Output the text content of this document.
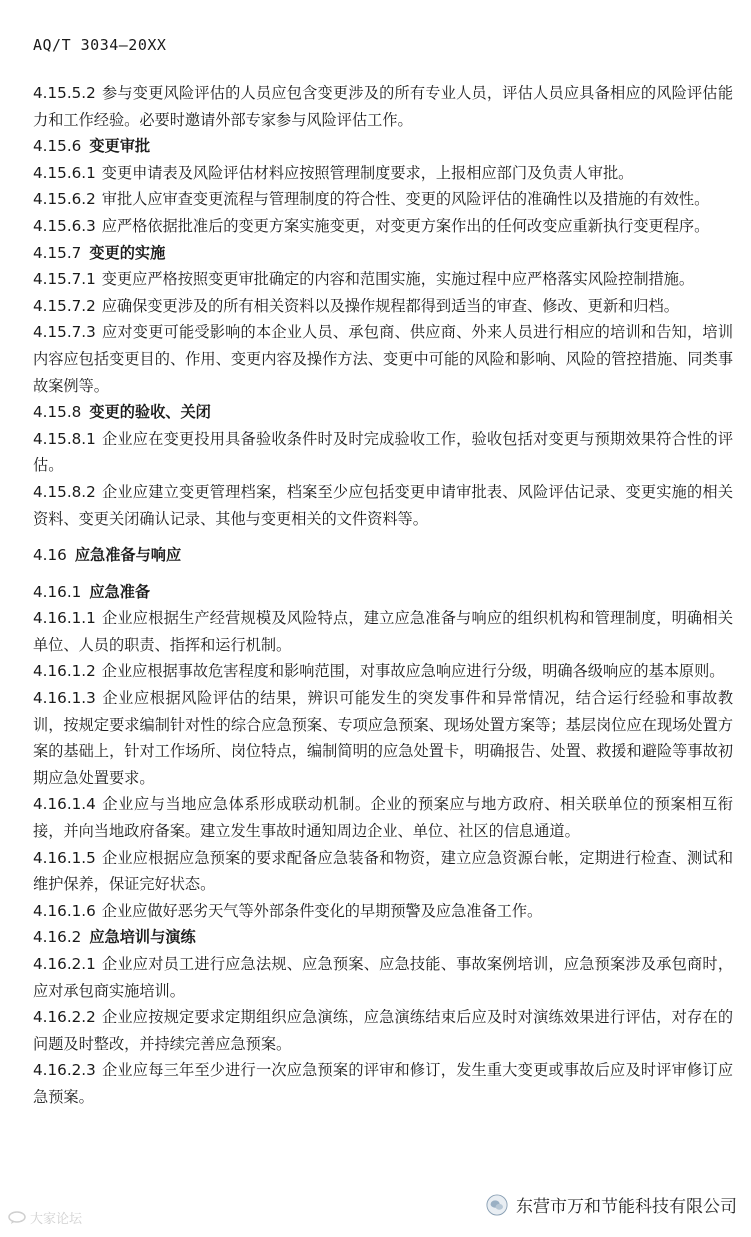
AQ/T 3034—20XX

4.15.5.2 参与变更风险评估的人员应包含变更涉及的所有专业人员，评估人员应具备相应的风险评估能力和工作经验。必要时邀请外部专家参与风险评估工作。

4.15.6 变更审批

4.15.6.1 变更申请表及风险评估材料应按照管理制度要求，上报相应部门及负责人审批。

4.15.6.2 审批人应审查变更流程与管理制度的符合性、变更的风险评估的准确性以及措施的有效性。

4.15.6.3 应严格依据批准后的变更方案实施变更，对变更方案作出的任何改变应重新执行变更程序。

4.15.7 变更的实施

4.15.7.1 变更应严格按照变更审批确定的内容和范围实施，实施过程中应严格落实风险控制措施。

4.15.7.2 应确保变更涉及的所有相关资料以及操作规程都得到适当的审查、修改、更新和归档。

4.15.7.3 应对变更可能受影响的本企业人员、承包商、供应商、外来人员进行相应的培训和告知，培训内容应包括变更目的、作用、变更内容及操作方法、变更中可能的风险和影响、风险的管控措施、同类事故案例等。

4.15.8 变更的验收、关闭

4.15.8.1 企业应在变更投用具备验收条件时及时完成验收工作，验收包括对变更与预期效果符合性的评估。

4.15.8.2 企业应建立变更管理档案，档案至少应包括变更申请审批表、风险评估记录、变更实施的相关资料、变更关闭确认记录、其他与变更相关的文件资料等。

4.16 应急准备与响应

4.16.1 应急准备

4.16.1.1 企业应根据生产经营规模及风险特点，建立应急准备与响应的组织机构和管理制度，明确相关单位、人员的职责、指挥和运行机制。

4.16.1.2 企业应根据事故危害程度和影响范围，对事故应急响应进行分级，明确各级响应的基本原则。

4.16.1.3 企业应根据风险评估的结果，辨识可能发生的突发事件和异常情况，结合运行经验和事故教训，按规定要求编制针对性的综合应急预案、专项应急预案、现场处置方案等；基层岗位应在现场处置方案的基础上，针对工作场所、岗位特点，编制简明的应急处置卡，明确报告、处置、救援和避险等事故初期应急处置要求。

4.16.1.4 企业应与当地应急体系形成联动机制。企业的预案应与地方政府、相关联单位的预案相互衔接，并向当地政府备案。建立发生事故时通知周边企业、单位、社区的信息通道。

4.16.1.5 企业应根据应急预案的要求配备应急装备和物资，建立应急资源台帐，定期进行检查、测试和维护保养，保证完好状态。

4.16.1.6 企业应做好恶劣天气等外部条件变化的早期预警及应急准备工作。

4.16.2 应急培训与演练

4.16.2.1 企业应对员工进行应急法规、应急预案、应急技能、事故案例培训，应急预案涉及承包商时，应对承包商实施培训。

4.16.2.2 企业应按规定要求定期组织应急演练，应急演练结束后应及时对演练效果进行评估，对存在的问题及时整改，并持续完善应急预案。

4.16.2.3 企业应每三年至少进行一次应急预案的评审和修订，发生重大变更或事故后应及时评审修订应急预案。

东营市万和节能科技有限公司
大家论坛
